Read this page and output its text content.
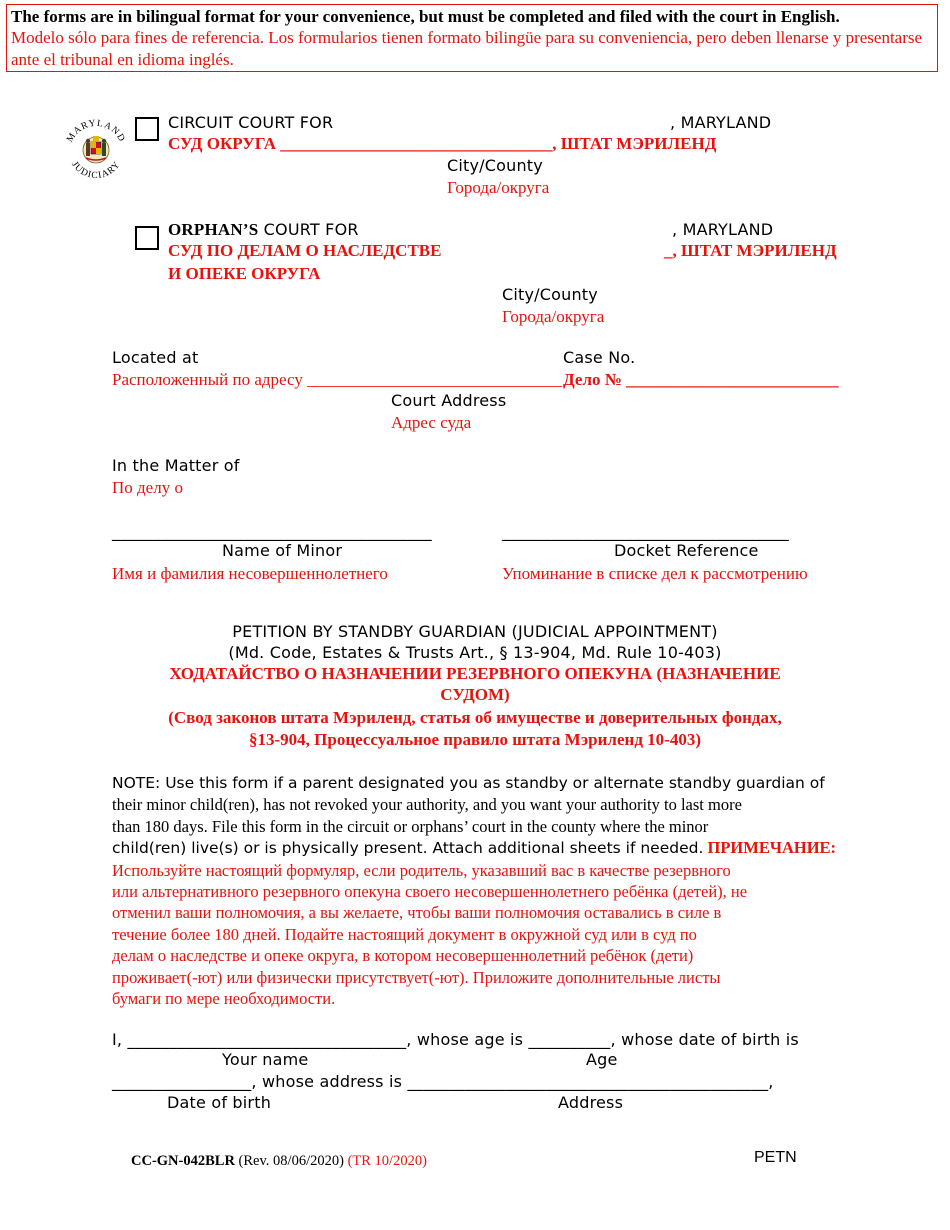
The forms are in bilingual format for your convenience, but must be completed and filed with the court in English.
Modelo sólo para fines de referencia. Los formularios tienen formato bilingüe para su conveniencia, pero deben llenarse y presentarse ante el tribunal en idioma inglés.
MARYLAND
JUDICIARY
CIRCUIT COURT FOR	, MARYLAND
СУД ОКРУГА ________________________________, ШТАТ МЭРИЛЕНД
City/County
Города/округа
ORPHAN’S COURT FOR	, MARYLAND
СУД ПО ДЕЛАМ О НАСЛЕДСТВЕ	_, ШТАТ МЭРИЛЕНД
И ОПЕКЕ ОКРУГА
City/County
Города/округа
Located at	Case No.
Расположенный по адресу ______________________________ Дело № _________________________
Court Address
Адрес суда
In the Matter of
По делу о
_______________________________________	___________________________________
Name of Minor	Docket Reference
Имя и фамилия несовершеннолетнего	Упоминание в списке дел к рассмотрению
PETITION BY STANDBY GUARDIAN (JUDICIAL APPOINTMENT)
(Md. Code, Estates & Trusts Art., § 13-904, Md. Rule 10-403)
ХОДАТАЙСТВО О НАЗНАЧЕНИИ РЕЗЕРВНОГО ОПЕКУНА (НАЗНАЧЕНИЕ
СУДОМ)
(Свод законов штата Мэриленд, статья об имуществе и доверительных фондах,
§13-904, Процессуальное правило штата Мэриленд 10-403)
NOTE: Use this form if a parent designated you as standby or alternate standby guardian of
their minor child(ren), has not revoked your authority, and you want your authority to last more
than 180 days. File this form in the circuit or orphans’ court in the county where the minor
child(ren) live(s) or is physically present. Attach additional sheets if needed. ПРИМЕЧАНИЕ:
Используйте настоящий формуляр, если родитель, указавший вас в качестве резервного
или альтернативного резервного опекуна своего несовершеннолетнего ребёнка (детей), не
отменил ваши полномочия, а вы желаете, чтобы ваши полномочия оставались в силе в
течение более 180 дней. Подайте настоящий документ в окружной суд или в суд по
делам о наследстве и опеке округа, в котором несовершеннолетний ребёнок (дети)
проживает(-ют) или физически присутствует(-ют). Приложите дополнительные листы
бумаги по мере необходимости.
I, __________________________________, whose age is __________, whose date of birth is
Your name	Age
_________________, whose address is ____________________________________________,
Date of birth	Address
CC-GN-042BLR (Rev. 08/06/2020) (TR 10/2020)	PETN
